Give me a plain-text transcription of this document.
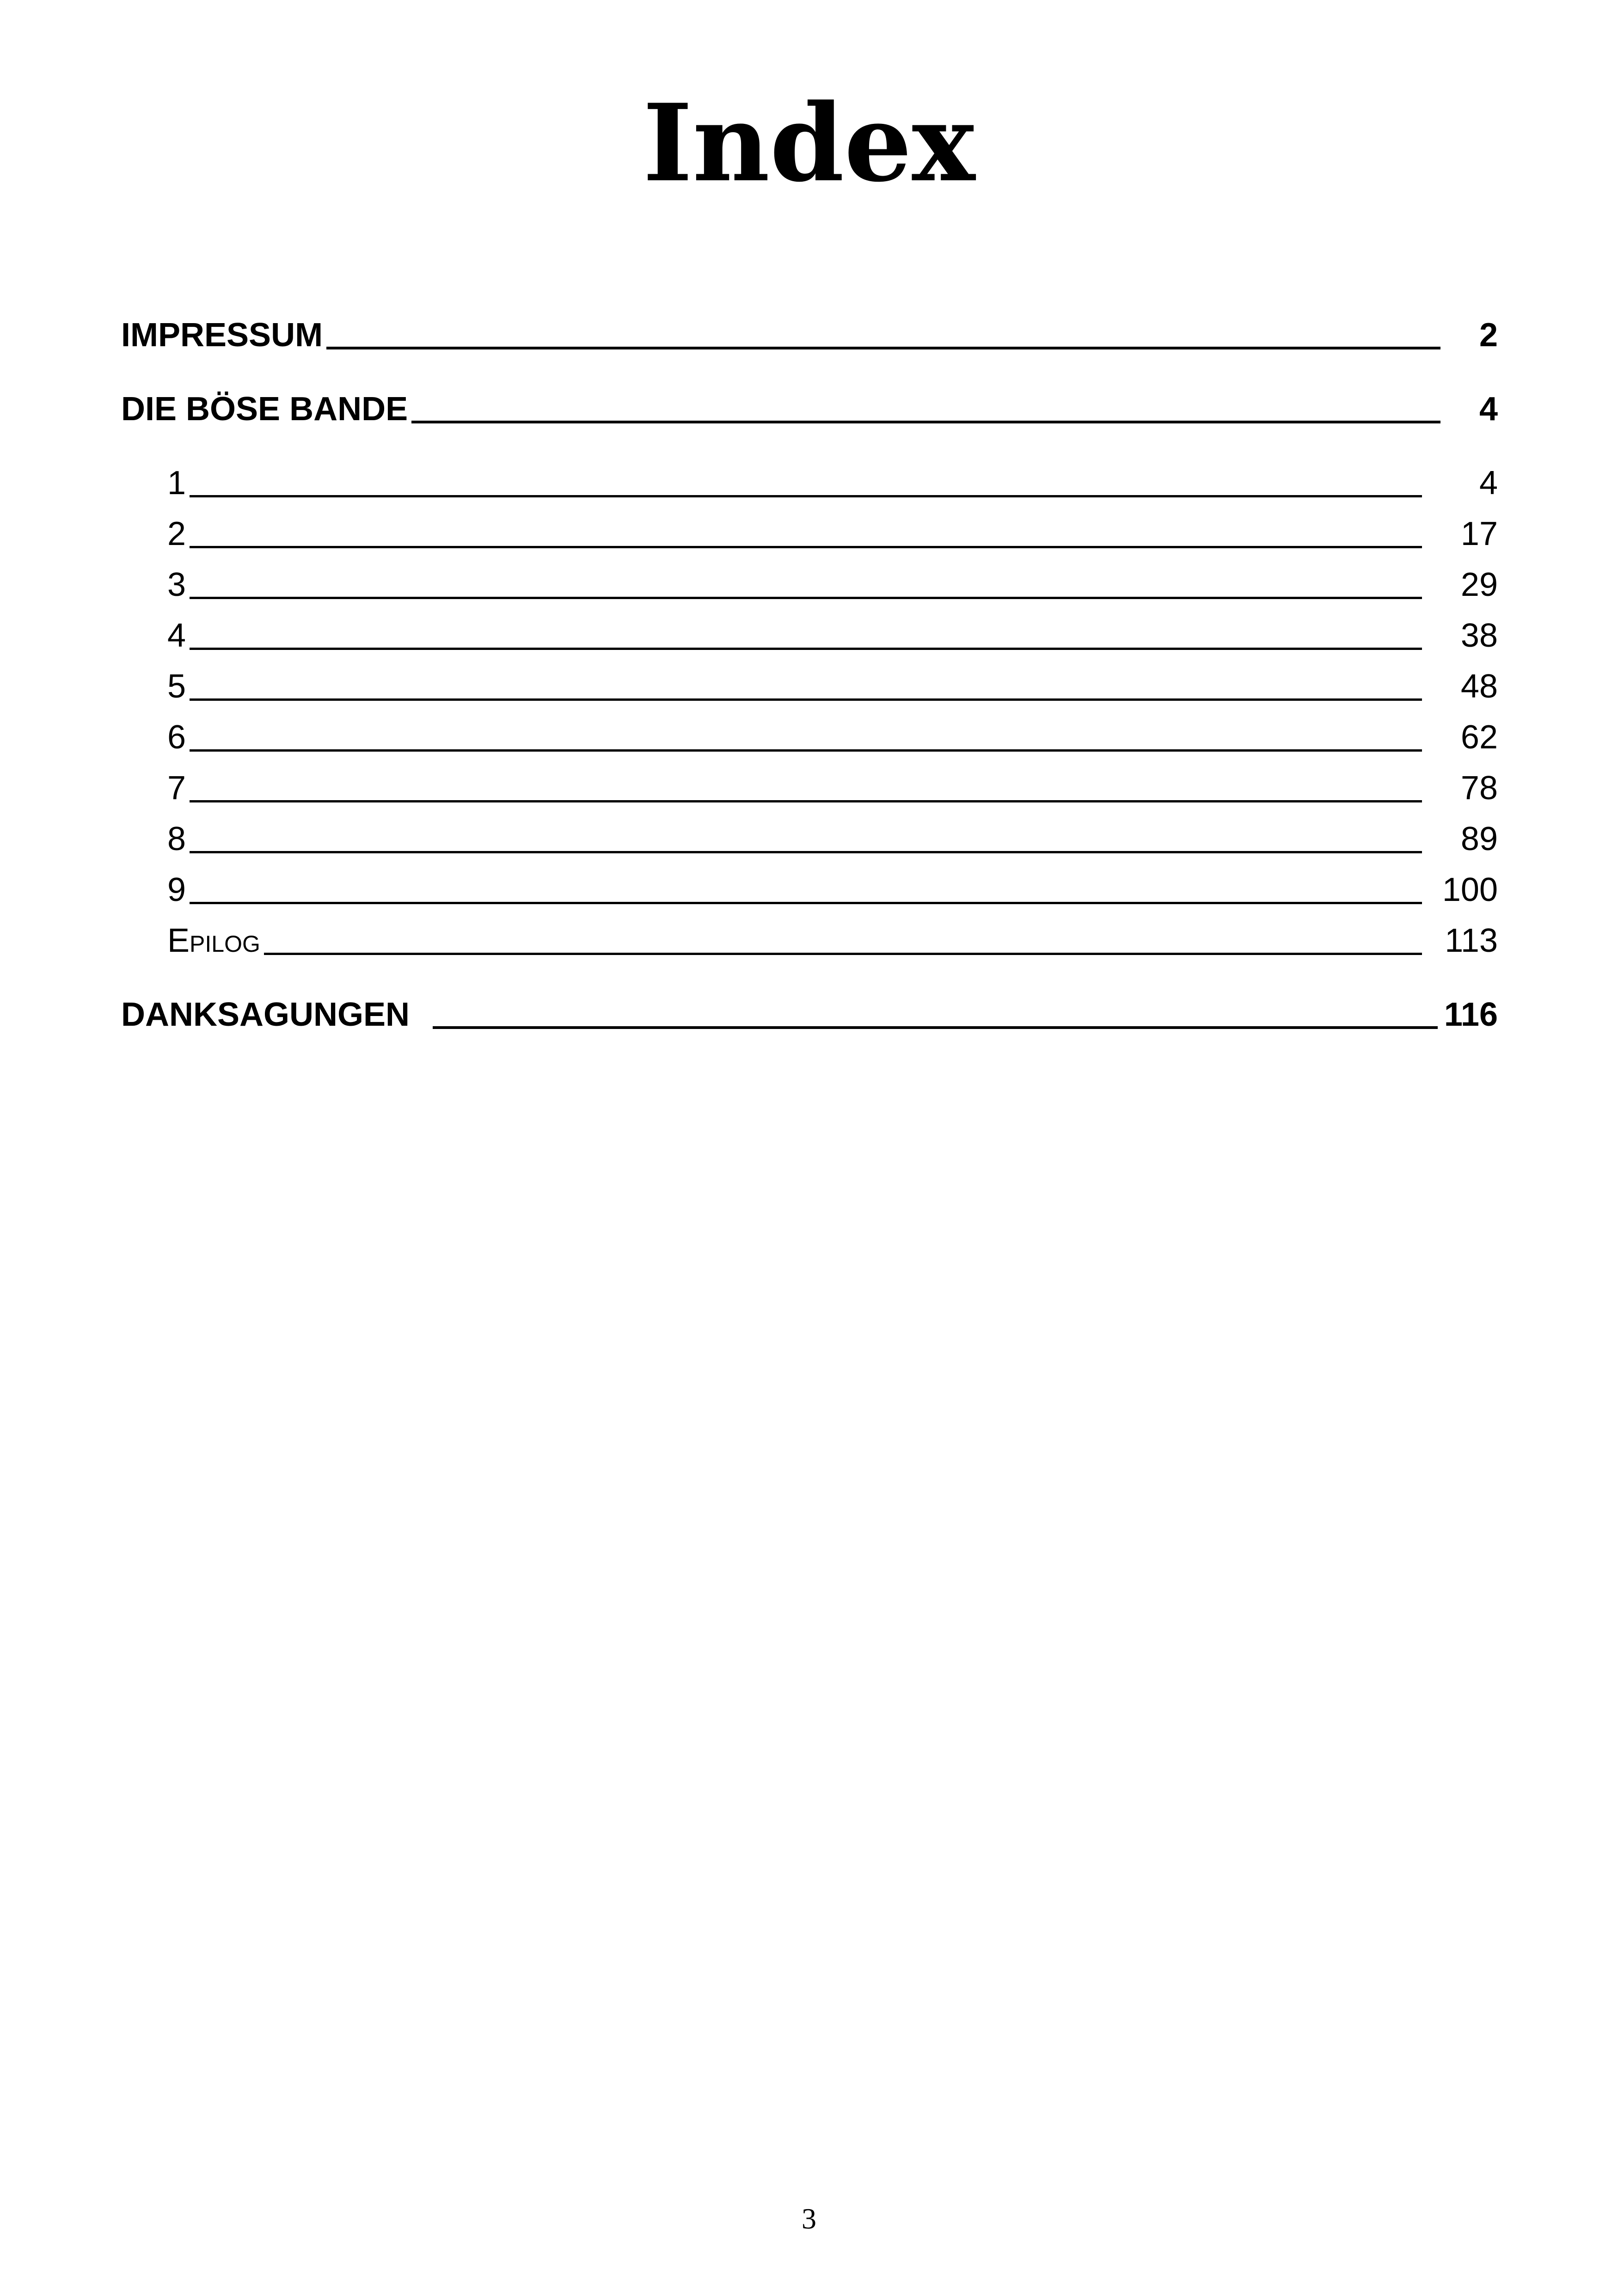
Index
IMPRESSUM	2
DIE BÖSE BANDE	4
1	4
2	17
3	29
4	38
5	48
6	62
7	78
8	89
9	100
Epilog	113
DANKSAGUNGEN	116
3
